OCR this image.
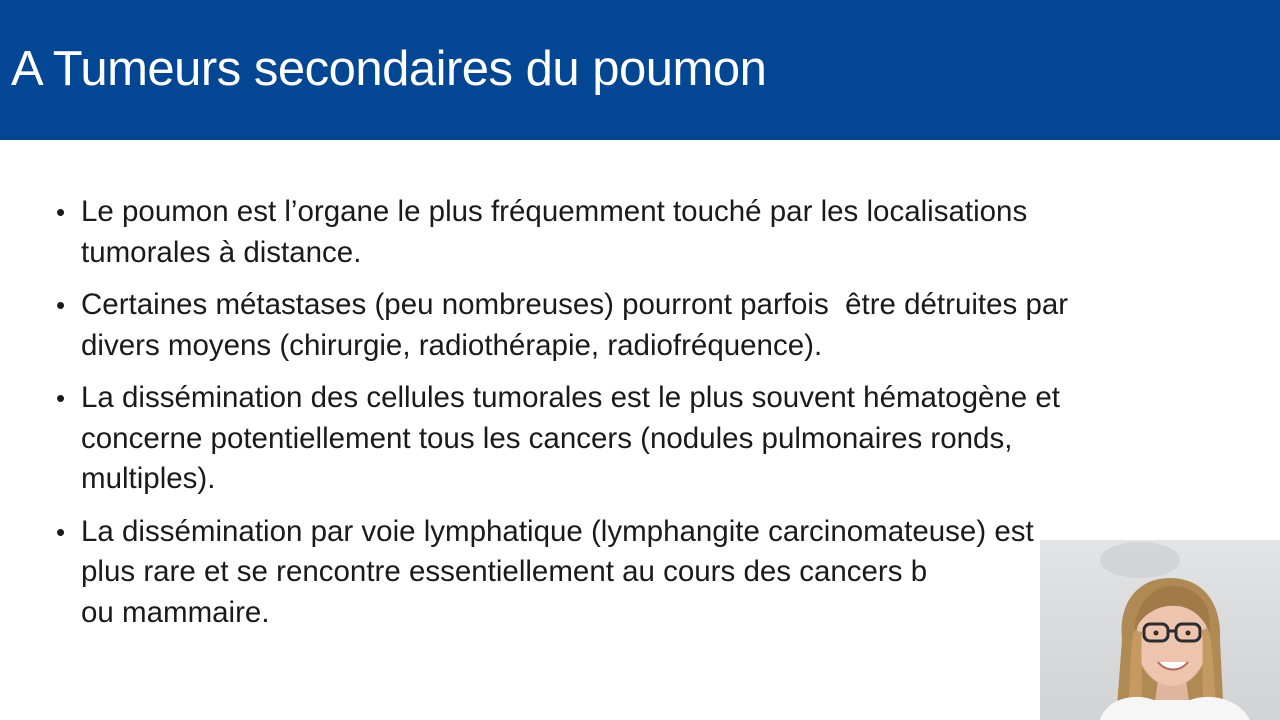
A Tumeurs secondaires du poumon
• Le poumon est l’organe le plus fréquemment touché par les localisations
tumorales à distance.
• Certaines métastases (peu nombreuses) pourront parfois  être détruites par
divers moyens (chirurgie, radiothérapie, radiofréquence).
• La dissémination des cellules tumorales est le plus souvent hématogène et
concerne potentiellement tous les cancers (nodules pulmonaires ronds,
multiples).
• La dissémination par voie lymphatique (lymphangite carcinomateuse) est
plus rare et se rencontre essentiellement au cours des cancers b
ou mammaire.
